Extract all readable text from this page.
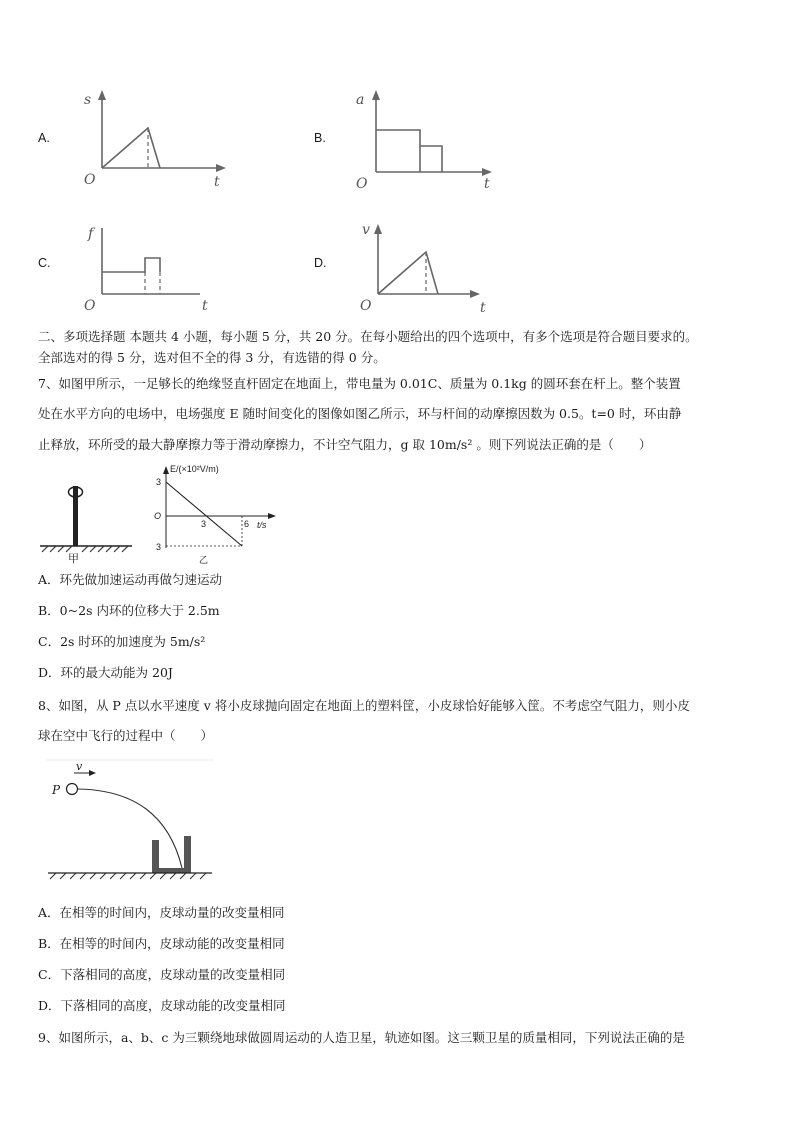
A.
s
O	t
B.
a
O	t
C.
f
O	t
D.
v
O	t
二、多项选择题 本题共 4 小题，每小题 5 分，共 20 分。在每小题给出的四个选项中，有多个选项是符合题目要求的。
全部选对的得 5 分，选对但不全的得 3 分，有选错的得 0 分。
7、如图甲所示，一足够长的绝缘竖直杆固定在地面上，带电量为 0.01C、质量为 0.1kg 的圆环套在杆上。整个装置
处在水平方向的电场中，电场强度 E 随时间变化的图像如图乙所示，环与杆间的动摩擦因数为 0.5。t=0 时，环由静
止释放，环所受的最大静摩擦力等于滑动摩擦力，不计空气阻力，g 取 10m/s² 。则下列说法正确的是（　　）
甲
E/(×10²V/m)
3
O
3
3	6 t/s
乙
A．环先做加速运动再做匀速运动
B．0~2s 内环的位移大于 2.5m
C．2s 时环的加速度为 5m/s²
D．环的最大动能为 20J
8、如图，从 P 点以水平速度 v 将小皮球抛向固定在地面上的塑料筐，小皮球恰好能够入筐。不考虑空气阻力，则小皮
球在空中飞行的过程中（　　）
v
P
A．在相等的时间内，皮球动量的改变量相同
B．在相等的时间内，皮球动能的改变量相同
C．下落相同的高度，皮球动量的改变量相同
D．下落相同的高度，皮球动能的改变量相同
9、如图所示，a、b、c 为三颗绕地球做圆周运动的人造卫星，轨迹如图。这三颗卫星的质量相同，下列说法正确的是
